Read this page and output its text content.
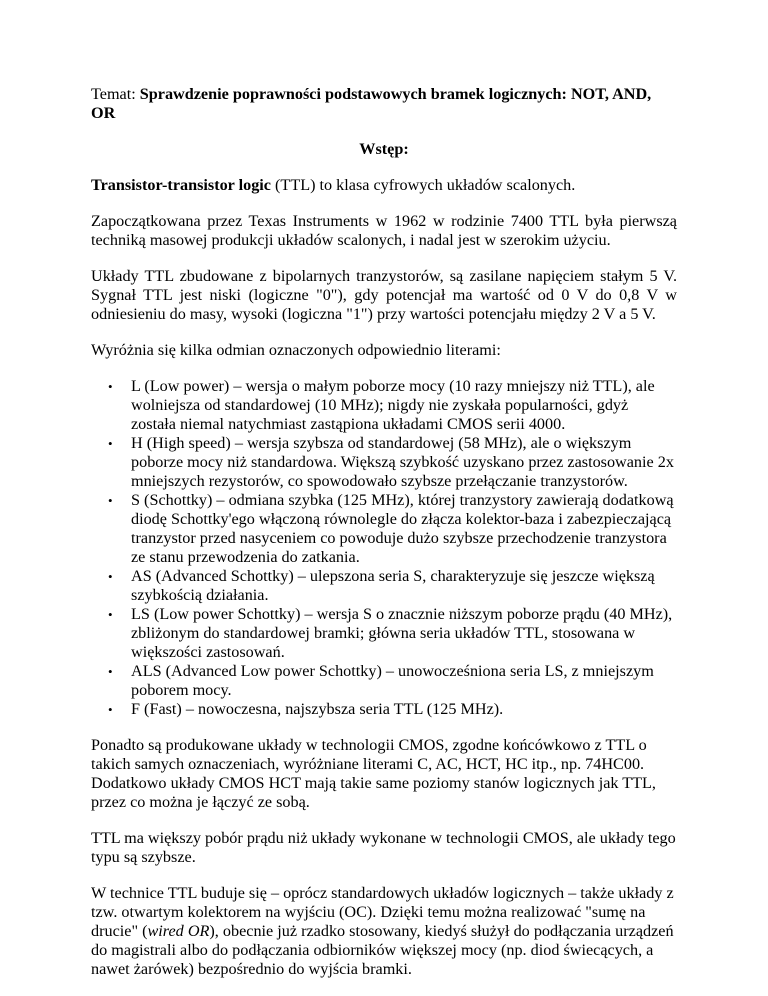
Temat: Sprawdzenie poprawności podstawowych bramek logicznych: NOT, AND, OR

Wstęp:

Transistor-transistor logic (TTL) to klasa cyfrowych układów scalonych.

Zapoczątkowana przez Texas Instruments w 1962 w rodzinie 7400 TTL była pierwszą techniką masowej produkcji układów scalonych, i nadal jest w szerokim użyciu.

Układy TTL zbudowane z bipolarnych tranzystorów, są zasilane napięciem stałym 5 V. Sygnał TTL jest niski (logiczne "0"), gdy potencjał ma wartość od 0 V do 0,8 V w odniesieniu do masy, wysoki (logiczna "1") przy wartości potencjału między 2 V a 5 V.

Wyróżnia się kilka odmian oznaczonych odpowiednio literami:

• L (Low power) – wersja o małym poborze mocy (10 razy mniejszy niż TTL), ale wolniejsza od standardowej (10 MHz); nigdy nie zyskała popularności, gdyż została niemal natychmiast zastąpiona układami CMOS serii 4000.
• H (High speed) – wersja szybsza od standardowej (58 MHz), ale o większym poborze mocy niż standardowa. Większą szybkość uzyskano przez zastosowanie 2x mniejszych rezystorów, co spowodowało szybsze przełączanie tranzystorów.
• S (Schottky) – odmiana szybka (125 MHz), której tranzystory zawierają dodatkową diodę Schottky'ego włączoną równolegle do złącza kolektor-baza i zabezpieczającą tranzystor przed nasyceniem co powoduje dużo szybsze przechodzenie tranzystora ze stanu przewodzenia do zatkania.
• AS (Advanced Schottky) – ulepszona seria S, charakteryzuje się jeszcze większą szybkością działania.
• LS (Low power Schottky) – wersja S o znacznie niższym poborze prądu (40 MHz), zbliżonym do standardowej bramki; główna seria układów TTL, stosowana w większości zastosowań.
• ALS (Advanced Low power Schottky) – unowocześniona seria LS, z mniejszym poborem mocy.
• F (Fast) – nowoczesna, najszybsza seria TTL (125 MHz).

Ponadto są produkowane układy w technologii CMOS, zgodne końcówkowo z TTL o takich samych oznaczeniach, wyróżniane literami C, AC, HCT, HC itp., np. 74HC00. Dodatkowo układy CMOS HCT mają takie same poziomy stanów logicznych jak TTL, przez co można je łączyć ze sobą.

TTL ma większy pobór prądu niż układy wykonane w technologii CMOS, ale układy tego typu są szybsze.

W technice TTL buduje się – oprócz standardowych układów logicznych – także układy z tzw. otwartym kolektorem na wyjściu (OC). Dzięki temu można realizować "sumę na drucie" (wired OR), obecnie już rzadko stosowany, kiedyś służył do podłączania urządzeń do magistrali albo do podłączania odbiorników większej mocy (np. diod świecących, a nawet żarówek) bezpośrednio do wyjścia bramki.
